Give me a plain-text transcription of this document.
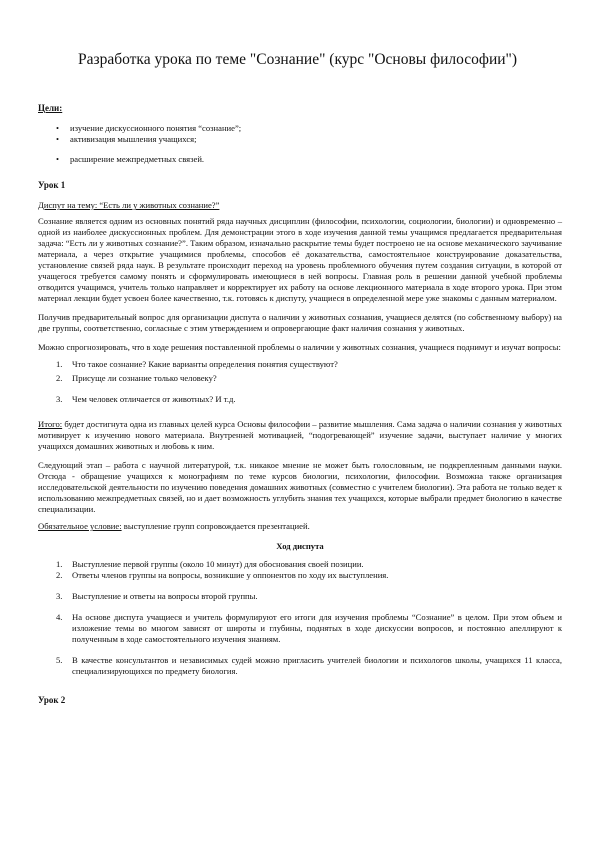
Разработка урока по теме "Сознание" (курс "Основы философии")
Цели:
• изучение дискуссионного понятия “сознание”;
• активизация мышления учащихся;
• расширение межпредметных связей.
Урок 1
Диспут на тему: “Есть ли у животных сознание?”

Сознание является одним из основных понятий ряда научных дисциплин (философии, психологии, социологии, биологии) и одновременно – одной из наиболее дискуссионных проблем. Для демонстрации этого в ходе изучения данной темы учащимся предлагается предварительная задача: “Есть ли у животных сознание?”. Таким образом, изначально раскрытие темы будет построено не на основе механического заучивание материала, а через открытие учащимися проблемы, способов её доказательства, самостоятельное конструирование доказательства, установление связей ряда наук. В результате происходит переход на уровень проблемного обучения путем создания ситуации, в которой от учащегося требуется самому понять и сформулировать имеющиеся в ней вопросы. Главная роль в решении данной учебной проблемы отводится учащимся, учитель только направляет и корректирует их работу на основе лекционного материала в ходе второго урока. При этом материал лекции будет усвоен более качественно, т.к. готовясь к диспуту, учащиеся в определенной мере уже знакомы с данным материалом.

Получив предварительный вопрос для организации диспута о наличии у животных сознания, учащиеся делятся (по собственному выбору) на две группы, соответственно, согласные с этим утверждением и опровергающие факт наличия сознания у животных.

Можно спрогнозировать, что в ходе решения поставленной проблемы о наличии у животных сознания, учащиеся поднимут и изучат вопросы:

1. Что такое сознание? Какие варианты определения понятия существуют?
2. Присуще ли сознание только человеку?
3. Чем человек отличается от животных? И т.д.

Итого: будет достигнута одна из главных целей курса Основы философии – развитие мышления. Сама задача о наличии сознания у животных мотивирует к изучению нового материала. Внутренней мотивацией, “подогревающей” изучение задачи, выступает наличие у многих учащихся домашних животных и любовь к ним.

Следующий этап – работа с научной литературой, т.к. никакое мнение не может быть голословным, не подкрепленным данными науки. Отсюда - обращение учащихся к монографиям по теме курсов биологии, психологии, философии. Возможна также организация исследовательской деятельности по изучению поведения домашних животных (совместно с учителем биологии). Эта работа не только ведет к использованию межпредметных связей, но и дает возможность углубить знания тех учащихся, которые выбрали предмет биологию в качестве специализации.

Обязательное условие: выступление групп сопровождается презентацией.

Ход диспута
1. Выступление первой группы (около 10 минут) для обоснования своей позиции.
2. Ответы членов группы на вопросы, возникшие у оппонентов по ходу их выступления.
3. Выступление и ответы на вопросы второй группы.
4. На основе диспута учащиеся и учитель формулируют его итоги для изучения проблемы “Сознание” в целом. При этом объем и изложение темы во многом зависят от широты и глубины, поднятых в ходе дискуссии вопросов, и постоянно апеллируют к полученным в ходе самостоятельного изучения знаниям.
5. В качестве консультантов и независимых судей можно пригласить учителей биологии и психологов школы, учащихся 11 класса, специализирующихся по предмету биология.
Урок 2
